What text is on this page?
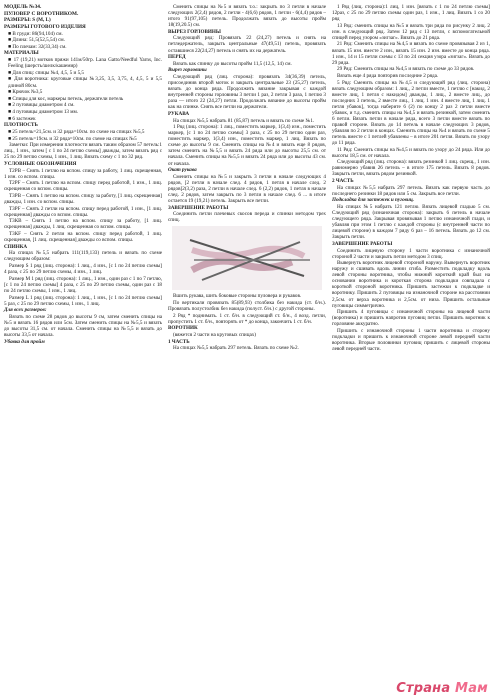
МОДЕЛЬ №34.
ПУЛОВЕР С ВОРОТНИКОМ.
РАЗМЕРЫ: S (M, L)
РАЗМЕРЫ ГОТОВОГО ИЗДЕЛИЯ
■ В груди: 86(94,104) см.
■ Длина: 51,5(52,5,54) см.
■ По плечам: 32(33,34) см.
МАТЕРИАЛЫ
■ 17 (19,21) мотков пряжи 141м/50гр. Lana Gatto/Needful Yarns, Inc. Feeling (шерсть/шелк/кашемир)
■ Для спиц: спицы №4, 4,5, 5 и 5,5
■ Для воротника: круговые спицы №3,25, 3,5, 3,75, 4, 4,5, 5 и 5,5 длиной 80см.
■ Крючок №3,5
■ Спицы для кос, маркеры петель, держатели петель
■ 2 пуговицы диаметром 4 см.
■ 4 пуговицы диаметром 13 мм.
■ 6 застежек
ПЛОТНОСТЬ
■ 25 петель=21,5см. и 32 ряда=10см. по схеме на спицах №5,5
■ 25 петель=19см. и 32 ряда=10см. по схеме на спицах №5
Заметки: При измерении плотности вязать таким образом 57 петель:1 лиц., 1 изн., затем [ с 1 по 24 петлю схемы] дважды, затем вязать ряд с 25 по 29 петлю схемы, 1 изн., 1 лиц. Вязать схему с 1 по 32 ряд.
УСЛОВНЫЕ ОБОЗНАЧЕНИЯ
Т2РВ – Снять 1 петлю на вспом. спицу за работу, 1 лиц. скрещенная, 1 изн. со вспом. спицы.
Т2РF – Снять 1 петлю на вспом. спицу перед работой, 1 изн., 1 лиц. скрещенная со вспом. спицы.
Т3РВ – Снять 1 петлю на вспом. спицу за работу, [1 лиц. скрещенная] дважды, 1 изн. со вспом. спицы.
Т3РF – Снять 2 петли на вспом. спицу перед работой, 1 изн., [1 лиц. скрещенная] дважды со вспом. спицы.
Т3КВ – Снять 1 петлю на вспом. спицу за работу, [1 лиц. скрещенная] дважды, 1 лиц. скрещенная со вспом. спицы.
Т3КF – Снять 2 петли на вспом. спицу перед работой, 1 лиц. скрещенная, [1 лиц. скрещенная] дважды со вспом. спицы.
СПИНКА
На спицах №5,5 набрать 111(119,133) петель и вязать по схеме следующим образом:
Размер S 1 ряд (лиц. сторона): 1 лиц., 4 изн., [с 1 по 24 петлю схемы] 4 раза, с 25 по 29 петлю схемы, 4 изн., 1 лиц.
Размер М 1 ряд (лиц. сторона): 1 лиц., 1 изн., один раз с 1 по 7 петлю, [с 1 по 24 петлю схемы] 4 раза, с 25 по 29 петлю схемы, один раз с 18 по 24 петлю схемы, 1 изн., 1 лиц.
Размер L 1 ряд (лиц. сторона): 1 лиц., 1 изн., [с 1 по 24 петлю схемы] 5 раз, с 25 по 29 петлю схемы, 1 изн., 1 лиц.
Для всех размеров:
Вязать по схеме 28 рядов до высоты 9 см, затем сменить спицы на №5 и вязать 16 рядов или 5см. Затем сменить спицы на №5,5 и вязать до высоты 31,5 см. от начала. Сменить спицы на №5,5 и вязать до высоты 33,5 от начала.
Убавка для пройм
Сменить спицы на №5 и вязать т.о.: закрыть по 3 петли в начале следующих 2(2,4) рядов, 2 петли - 4(6,6) рядов, 1 петли - 6(4,4) рядов – итого 91(97,105) петель. Продолжать вязать до высоты пройм 18(19,20.5) см.
ВЫРЕЗ ГОРЛОВИНЫ
Следующий ряд: Провязать 22 (24,27) петель и снять на петледержатель, закрыть центральные 47(49,51) петель, провязать оставшиеся 22(24,27) петель и снять их на держатель.
ПЕРЕД
Вязать как спинку до высоты пройм 11,5 (12,5, 14) см.
Вырез горловины
Следующий ряд (лиц. сторона): провязать 34(36,39) петель, присоединив второй моток и закрыть центральные 23 (25,27) петель, вязать до конца ряда. Продолжить вязание закрывая с каждой внутренней стороны горловины 3 петли 1 раз, 2 петли 3 раза, 1 петлю 3 раза — итого 22 (24,27) петли. Продолжать вязание до высоты пройм как на спинке. Снять все петли на держатели.
РУКАВА
На спицах №5,5 набрать 81 (85,87) петель и вязать по схеме №1.
1 Ряд (лиц. сторона): 1 лиц., поместить маркер, 1(3,4) изн., поместить маркер, [с 1 по 24 петлю схемы] 3 раза, с 25 по 29 петлю один раз, поместить маркер, 1(3,4) изн., поместить маркер, 1 лиц. Вязать по схеме до высоты 9 см. Сменить спицы на №4 и вязать еще 8 рядов, затем сменить на №5,5 и вязать 24 ряда или до высоты 25,5 см. от начала. Сменить спицы на №5,5 и вязать 24 ряда или до высоты 43 см. от начала.
Окат рукава
Сменить спицы на №5 и закрыть 3 петли в начале следующих 4 рядов, [2 петли в начале след. 4 рядов, 1 петля в начале след. 2 рядов]2(3,2) раза, 2 петли в начале след. 6 (2,2) рядов, 1 петля в начале след. 2 рядов, затем закрыть по 3 петли в начале след. 6 ... в итоге остается 19 (19,21) петель. Закрыть все петли.
ЗАВЕРШЕНИЕ РАБОТЫ
Соединить петли плечевых скосов переда и спинки методом трех спиц.
Вшить рукава, шить боковые стороны пуловера и рукавов.
По вертикали провязать 85(89,93) столбика без накида (ст. б/н.). Провязать полустолбик без накида (полуст. б/н.) с другой стороны.
2 Ряд * поднимать. 1 ст. б/н. в следующий ст. б/н., 4 возд. петли, пропустить 1 ст. б/н., повторять от * до конца, закончить 1 ст. б/н.
ВОРОТНИК
(вяжется 2 части на круговых спицах)
1 ЧАСТЬ
На спицах №5,5 набрать 297 петель. Вязать по схеме №2.
1 Ряд (лиц. сторона):1 лиц, 1 изн. [вязать с 1 по 24 петлю схемы] 12раз, с 25 по 29 петлю схемы один раз, 1 изн., 1 лиц. Вязать 1 со 20 ряд
13 Ряд: сменить спицы на №5 и вязать три ряда по рисунку 2 лиц. 2 изн. в следующий ряд. Затем 12 ряд с 13 петли, с вспомогательной спицей перед узором «зигзаг». Вязать до 21 ряда.
21 Ряд: Сменить спицы на №4,5 и вязать по схеме провязывая 2 из 1, вязать 15 изн. вместе 2 изн., вязать 15 изн. 2 изн. вместе до конца ряда. 1 изн., 14 и 15 петли схемы с 13 по 24 секция узора «зигзаг». Вязать до 29 ряда.
29 Ряд: Сменить спицы на №4,5 и вязать по схеме до 33 рядов.
Вязать еще 4 ряда повторив последние 2 ряда.
5 Ряд: Сменить спицы на №4,5 и следующий ряд (лиц. сторона) вязать следующим образом: 1 лиц., 2 петли вместе, 1 петлю с [накид, 2 вместе лиц, 1 петля с накидом] дважды, 1 лиц., 2 вместе лиц., до последних 3 петель, 2 вместе лиц., 1 лиц. 1 изн. 4 вместе лиц, 1 лиц. 1 петля убавок], тогда наберите 6 (2) по концу 2 раз 2 петли вместе убавок, и т.д. сменить спицы на №4,5 и вязать резинкой, затем сменить 6 петли. Вязать петли в начале ряда, всего 3 петли вместе вязать по правой стороне. Вязать до 14 петель в начале следующих 3 рядов, убавляя по 2 петли в концах. Сменить спицы на №4 и вязать по схеме 5 петель вместе с 1 петлей убавлены – в итоге 201 петля. Вязать по узору до 11 ряда.
11 Ряд: Сменить спицы на №4,5 и вязать по узору до 24 ряда. Или до высоты 18,5 см. от начала.
Следующий ряд (лиц. сторона): вязать резинкой 1 лиц. скрещ., 1 изн. равномерно убавив 26 петель – в итоге 175 петель. Вязать 8 рядов. Закрыть петли, вязать рядом резинкой.
2 ЧАСТЬ
На спицах №5,5 набрать 297 петель. Вязать как первую часть до последнего резинки 18 рядов или 5 см. Закрыть все петли.
Подкладка для застежек и пуговиц.
На спицах №5 набрать 121 петлю. Вязать лицевой гладью 5 см. Следующий ряд (изнаночная сторона): закрыть 6 петель в начале следующего ряда. Закрывая провязывая 1 петлю изнаночной глади, и убавляя при этом 1 петлю с каждой стороны (с внутренней части по лицевой стороне) в каждом 7 ряду 6 раз – 16 петель. Вязать до 12 см. Закрыть петли.
ЗАВЕРШЕНИЕ РАБОТЫ
Соединить лицевую сторону 1 части воротника с изнаночной стороной 2 части и закрыть петли методом 3 спиц.
Вывернуть воротник лицевой стороной наружу. Вывернуть воротник наружу и сшивать вдоль линии сгиба. Разместить подкладку вдоль левой стороны воротника, чтобы нижний короткий край был на основании воротника и короткая сторона подкладки совпадала с короткой стороной воротника. Пришить застежки к подкладке и воротнику. Пришить 2 пуговицы на изнаночной стороне на расстоянии 2,5см. от верха воротника и 2,5см. от низа. Пришить остальные пуговицы симметрично.
Пришить 4 пуговицы с изнаночной стороны на лицевой части (воротника) и пришить напротив пуговиц петли. Пришить воротник к горловине аккуратно.
Пришить с изнаночной стороны 1 части воротника и сторону подкладки и пришить к изнаночной стороне левой передней части воротника. Вторые половинки пуговиц пришить с лицевой стороны левой передней части.
Страна Мам
